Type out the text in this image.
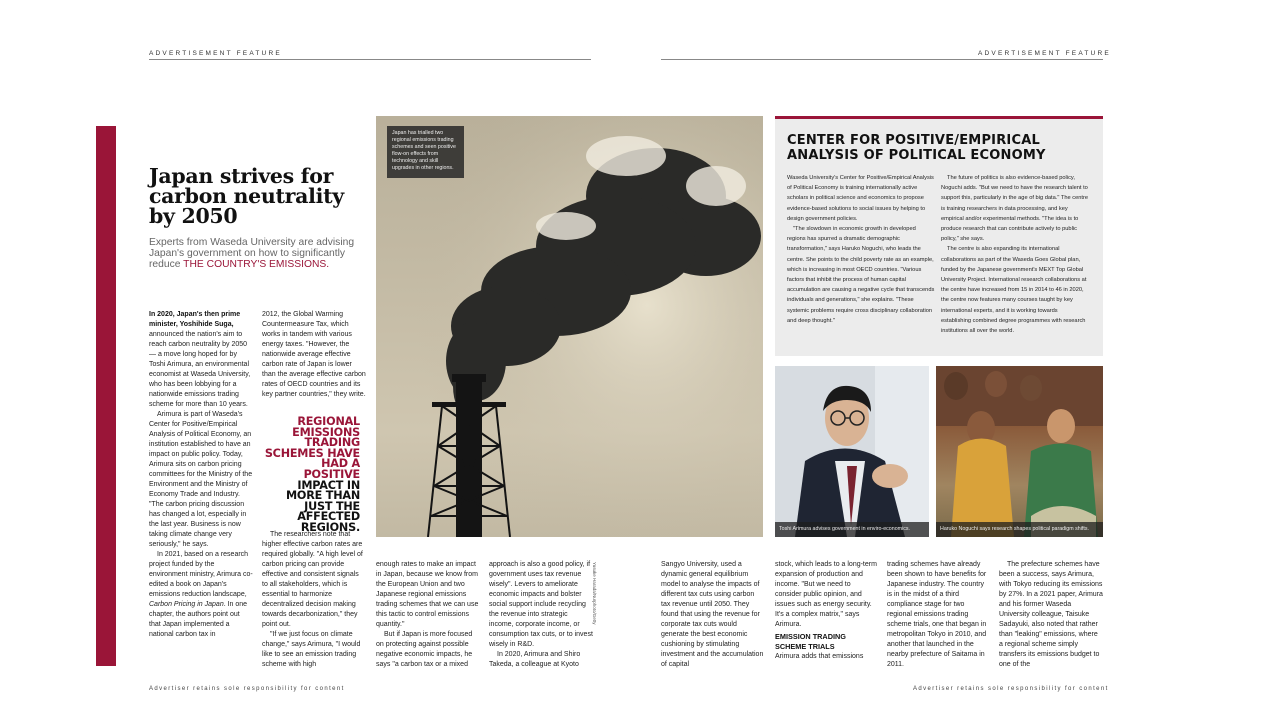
ADVERTISEMENT FEATURE	ADVERTISEMENT FEATURE
Japan strives for carbon neutrality by 2050
Experts from Waseda University are advising Japan's government on how to significantly reduce THE COUNTRY'S EMISSIONS.

In 2020, Japan's then prime minister, Yoshihide Suga, announced the nation's aim to reach carbon neutrality by 2050 — a move long hoped for by Toshi Arimura, an environmental economist at Waseda University, who has been lobbying for a nationwide emissions trading scheme for more than 10 years.

Arimura is part of Waseda's Center for Positive/Empirical Analysis of Political Economy, an institution established to have an impact on public policy. Today, Arimura sits on carbon pricing committees for the Ministry of the Environment and the Ministry of Economy Trade and Industry. "The carbon pricing discussion has changed a lot, especially in the last year. Business is now taking climate change very seriously," he says.

In 2021, based on a research project funded by the environment ministry, Arimura co-edited a book on Japan's emissions reduction landscape, Carbon Pricing in Japan. In one chapter, the authors point out that Japan implemented a national carbon tax in

2012, the Global Warming Countermeasure Tax, which works in tandem with various energy taxes. "However, the nationwide average effective carbon rate of Japan is lower than the average effective carbon rates of OECD countries and its key partner countries," they write.

REGIONAL EMISSIONS TRADING SCHEMES HAVE HAD A POSITIVE IMPACT IN MORE THAN JUST THE AFFECTED REGIONS.

The researchers note that higher effective carbon rates are required globally. "A high level of carbon pricing can provide effective and consistent signals to all stakeholders, which is essential to harmonize decentralized decision making towards decarbonization," they point out.

"If we just focus on climate change," says Arimura, "I would like to see an emission trading scheme with high

Japan has trialled two regional emissions trading schemes and seen positive flow-on effects from technology and skill upgrades in other regions.

enough rates to make an impact in Japan, because we know from the European Union and two Japanese regional emissions trading schemes that we can use this tactic to control emissions quantity."

But if Japan is more focused on protecting against possible negative economic impacts, he says "a carbon tax or a mixed

approach is also a good policy, if government uses tax revenue wisely". Levers to ameliorate economic impacts and bolster social support include recycling the revenue into strategic income, corporate income, or consumption tax cuts, or to invest wisely in R&D.

In 2020, Arimura and Shiro Takeda, a colleague at Kyoto

Yusuke Harada/Nurphoto/Getty	Sangyo University, used a dynamic general equilibrium model to analyse the impacts of different tax cuts using carbon tax revenue until 2050. They found that using the revenue for corporate tax cuts would generate the best economic cushioning by stimulating investment and the accumulation of capital

CENTER FOR POSITIVE/EMPIRICAL ANALYSIS OF POLITICAL ECONOMY

Waseda University's Center for Positive/Empirical Analysis of Political Economy is training internationally active scholars in political science and economics to propose evidence-based solutions to social issues by helping to design government policies.

"The slowdown in economic growth in developed regions has spurred a dramatic demographic transformation," says Haruko Noguchi, who leads the centre. She points to the child poverty rate as an example, which is increasing in most OECD countries. "Various factors that inhibit the process of human capital accumulation are causing a negative cycle that transcends individuals and generations," she explains. "These systemic problems require cross disciplinary collaboration and deep thought."

The future of politics is also evidence-based policy, Noguchi adds. "But we need to have the research talent to support this, particularly in the age of big data." The centre is training researchers in data processing, and key empirical and/or experimental methods. "The idea is to produce research that can contribute actively to public policy," she says.

The centre is also expanding its international collaborations as part of the Waseda Goes Global plan, funded by the Japanese government's MEXT Top Global University Project. International research collaborations at the centre have increased from 15 in 2014 to 46 in 2020, the centre now features many courses taught by key international experts, and it is working towards establishing combined degree programmes with research institutions all over the world.

Toshi Arimura advises government in enviro-economics.	Haruko Noguchi says research shapes political paradigm shifts.

stock, which leads to a long-term expansion of production and income. "But we need to consider public opinion, and issues such as energy security. It's a complex matrix," says Arimura.

EMISSION TRADING SCHEME TRIALS

Arimura adds that emissions

trading schemes have already been shown to have benefits for Japanese industry. The country is in the midst of a third compliance stage for two regional emissions trading scheme trials, one that began in metropolitan Tokyo in 2010, and another that launched in the nearby prefecture of Saitama in 2011.

The prefecture schemes have been a success, says Arimura, with Tokyo reducing its emissions by 27%. In a 2021 paper, Arimura and his former Waseda University colleague, Taisuke Sadayuki, also noted that rather than "leaking" emissions, where a regional scheme simply transfers its emissions budget to one of the

Advertiser retains sole responsibility for content	Advertiser retains sole responsibility for content
